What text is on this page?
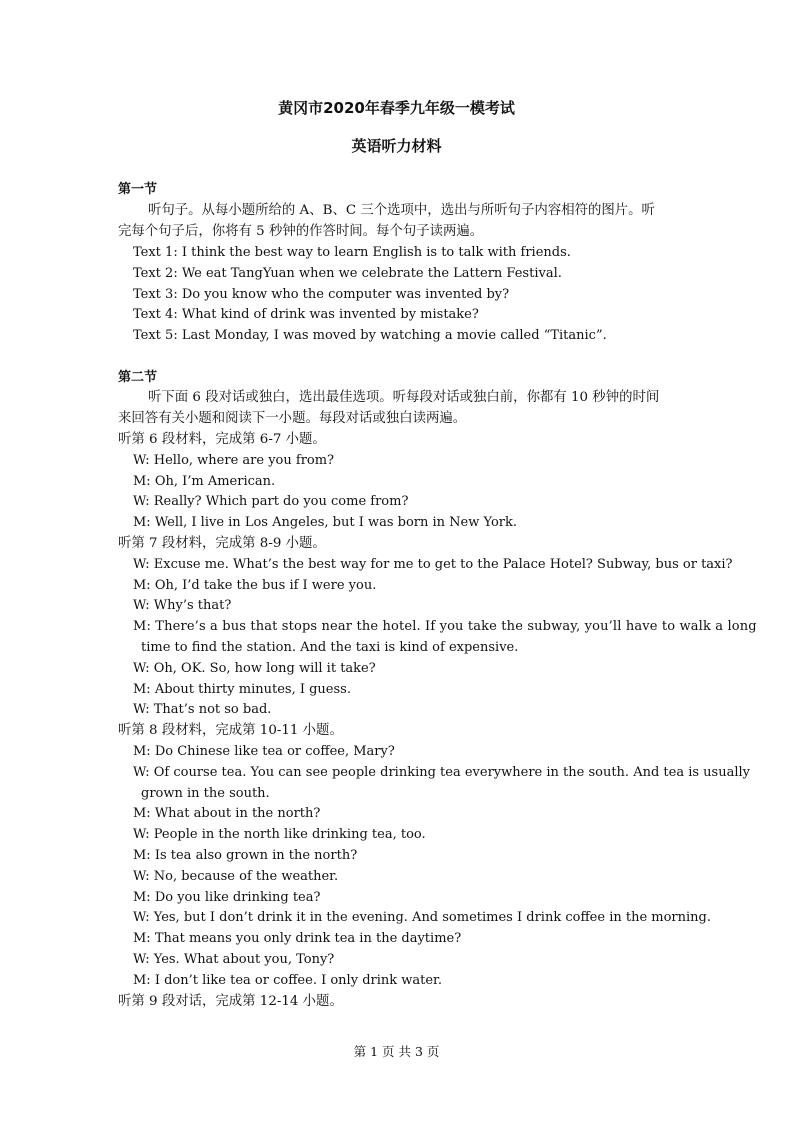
黄冈市2020年春季九年级一模考试
英语听力材料
第一节
听句子。从每小题所给的 A、B、C 三个选项中，选出与所听句子内容相符的图片。听
完每个句子后，你将有 5 秒钟的作答时间。每个句子读两遍。
Text 1: I think the best way to learn English is to talk with friends.
Text 2: We eat TangYuan when we celebrate the Lattern Festival.
Text 3: Do you know who the computer was invented by?
Text 4: What kind of drink was invented by mistake?
Text 5: Last Monday, I was moved by watching a movie called “Titanic”.
第二节
听下面 6 段对话或独白，选出最佳选项。听每段对话或独白前，你都有 10 秒钟的时间
来回答有关小题和阅读下一小题。每段对话或独白读两遍。
听第 6 段材料，完成第 6-7 小题。
W: Hello, where are you from?
M: Oh, I’m American.
W: Really? Which part do you come from?
M: Well, I live in Los Angeles, but I was born in New York.
听第 7 段材料，完成第 8-9 小题。
W: Excuse me. What’s the best way for me to get to the Palace Hotel? Subway, bus or taxi?
M: Oh, I’d take the bus if I were you.
W: Why’s that?
M: There’s a bus that stops near the hotel. If you take the subway, you’ll have to walk a long
time to find the station. And the taxi is kind of expensive.
W: Oh, OK. So, how long will it take?
M: About thirty minutes, I guess.
W: That’s not so bad.
听第 8 段材料，完成第 10-11 小题。
M: Do Chinese like tea or coffee, Mary?
W: Of course tea. You can see people drinking tea everywhere in the south. And tea is usually
grown in the south.
M: What about in the north?
W: People in the north like drinking tea, too.
M: Is tea also grown in the north?
W: No, because of the weather.
M: Do you like drinking tea?
W: Yes, but I don’t drink it in the evening. And sometimes I drink coffee in the morning.
M: That means you only drink tea in the daytime?
W: Yes. What about you, Tony?
M: I don’t like tea or coffee. I only drink water.
听第 9 段对话，完成第 12-14 小题。
第 1 页 共 3 页
